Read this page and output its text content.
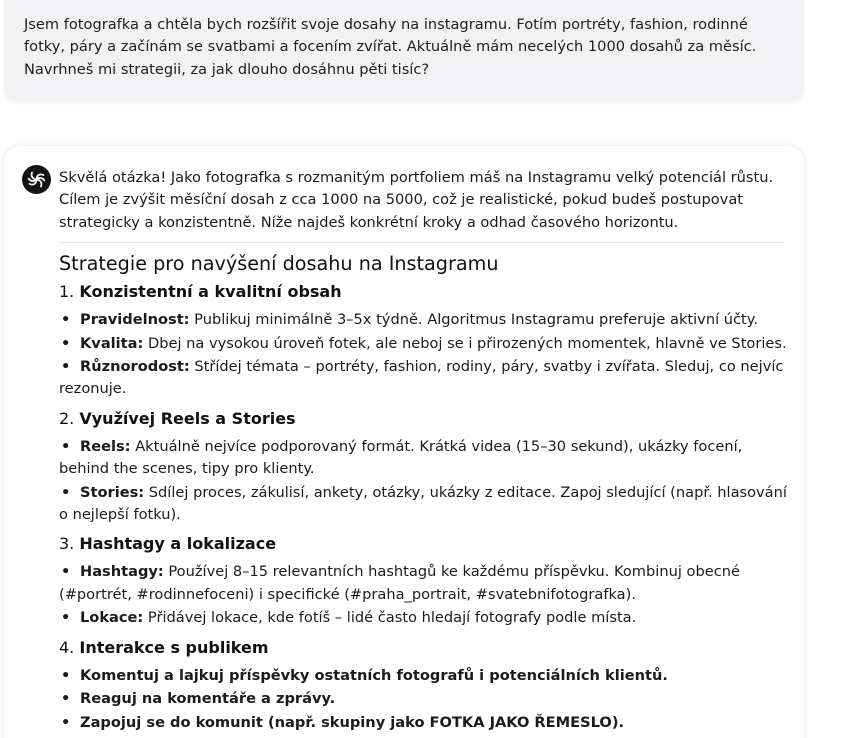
Jsem fotografka a chtěla bych rozšířit svoje dosahy na instagramu. Fotím portréty, fashion, rodinné fotky, páry a začínám se svatbami a focením zvířat. Aktuálně mám necelých 1000 dosahů za měsíc. Navrhneš mi strategii, za jak dlouho dosáhnu pěti tisíc?

Skvělá otázka! Jako fotografka s rozmanitým portfoliem máš na Instagramu velký potenciál růstu. Cílem je zvýšit měsíční dosah z cca 1000 na 5000, což je realistické, pokud budeš postupovat strategicky a konzistentně. Níže najdeš konkrétní kroky a odhad časového horizontu.

Strategie pro navýšení dosahu na Instagramu
1. Konzistentní a kvalitní obsah
• Pravidelnost: Publikuj minimálně 3–5x týdně. Algoritmus Instagramu preferuje aktivní účty.
• Kvalita: Dbej na vysokou úroveň fotek, ale neboj se i přirozených momentek, hlavně ve Stories.
• Různorodost: Střídej témata – portréty, fashion, rodiny, páry, svatby i zvířata. Sleduj, co nejvíc rezonuje.
2. Využívej Reels a Stories
• Reels: Aktuálně nejvíce podporovaný formát. Krátká videa (15–30 sekund), ukázky focení, behind the scenes, tipy pro klienty.
• Stories: Sdílej proces, zákulisí, ankety, otázky, ukázky z editace. Zapoj sledující (např. hlasování o nejlepší fotku).
3. Hashtagy a lokalizace
• Hashtagy: Používej 8–15 relevantních hashtagů ke každému příspěvku. Kombinuj obecné (#portrét, #rodinnefoceni) i specifické (#praha_portrait, #svatebnifotografka).
• Lokace: Přidávej lokace, kde fotíš – lidé často hledají fotografy podle místa.
4. Interakce s publikem
• Komentuj a lajkuj příspěvky ostatních fotografů i potenciálních klientů.
• Reaguj na komentáře a zprávy.
• Zapojuj se do komunit (např. skupiny jako FOTKA JAKO ŘEMESLO).
